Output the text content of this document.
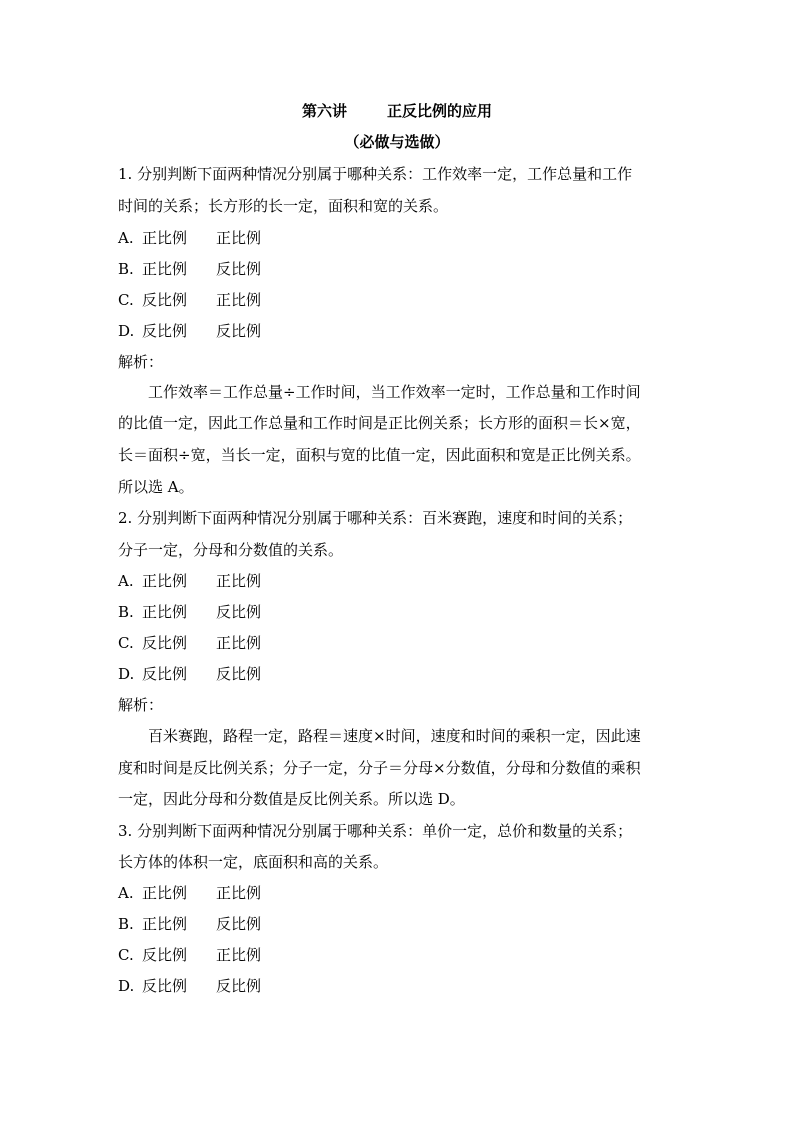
第六讲	正反比例的应用
（必做与选做）
1. 分别判断下面两种情况分别属于哪种关系：工作效率一定，工作总量和工作
时间的关系；长方形的长一定，面积和宽的关系。
A. 正比例 正比例
B. 正比例 反比例
C. 反比例 正比例
D. 反比例 反比例
解析：
工作效率＝工作总量÷工作时间，当工作效率一定时，工作总量和工作时间
的比值一定，因此工作总量和工作时间是正比例关系；长方形的面积＝长×宽，
长＝面积÷宽，当长一定，面积与宽的比值一定，因此面积和宽是正比例关系。
所以选 A。
2. 分别判断下面两种情况分别属于哪种关系：百米赛跑，速度和时间的关系；
分子一定，分母和分数值的关系。
A. 正比例 正比例
B. 正比例 反比例
C. 反比例 正比例
D. 反比例 反比例
解析：
百米赛跑，路程一定，路程＝速度×时间，速度和时间的乘积一定，因此速
度和时间是反比例关系；分子一定，分子＝分母×分数值，分母和分数值的乘积
一定，因此分母和分数值是反比例关系。所以选 D。
3. 分别判断下面两种情况分别属于哪种关系：单价一定，总价和数量的关系；
长方体的体积一定，底面积和高的关系。
A. 正比例 正比例
B. 正比例 反比例
C. 反比例 正比例
D. 反比例 反比例
